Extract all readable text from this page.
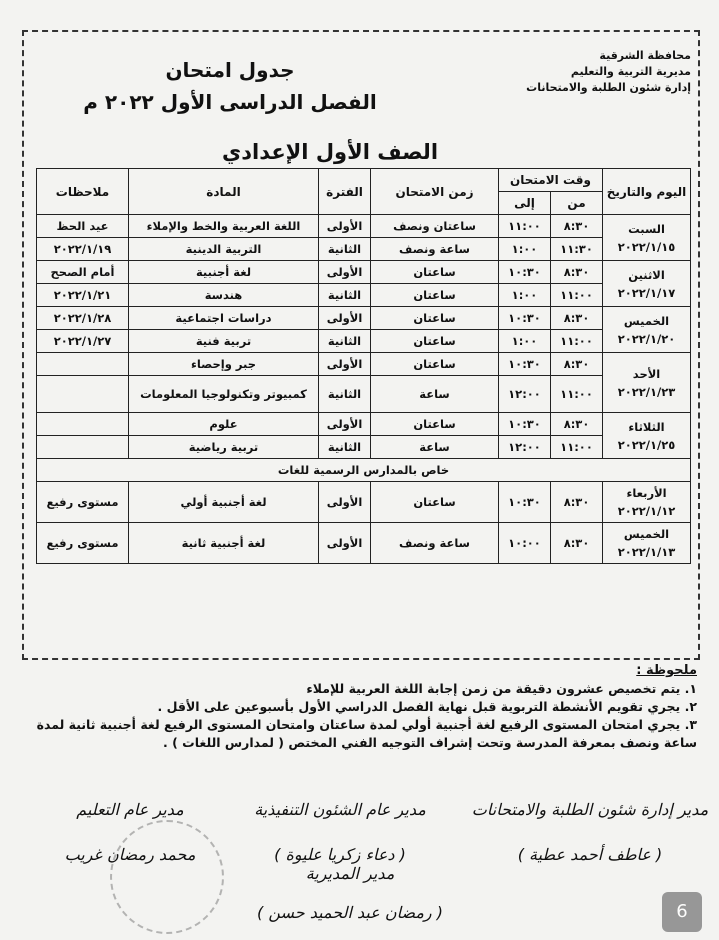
محافظة الشرقية
مديرية التربية والتعليم
إدارة شئون الطلبة والامتحانات
جدول امتحان
الفصل الدراسى الأول ٢٠٢٢ م
الصف الأول الإعدادي
اليوم والتاريخ	وقت الامتحان		زمن الامتحان	الفترة	المادة	ملاحظات
	من	إلى				

السبت
٢٠٢٢/١/١٥	٨:٣٠	١١:٠٠	ساعتان ونصف	الأولى	اللغة العربية والخط والإملاء	عيد الحظ
	١١:٣٠	١:٠٠	ساعة ونصف	الثانية	التربية الدينية	٢٠٢٢/١/١٩

الاثنين
٢٠٢٢/١/١٧	٨:٣٠	١٠:٣٠	ساعتان	الأولى	لغة أجنبية	أمام الصحح
	١١:٠٠	١:٠٠	ساعتان	الثانية	هندسة	٢٠٢٢/١/٢١

الخميس
٢٠٢٢/١/٢٠	٨:٣٠	١٠:٣٠	ساعتان	الأولى	دراسات اجتماعية	٢٠٢٢/١/٢٨
	١١:٠٠	١:٠٠	ساعتان	الثانية	تربية فنية	٢٠٢٢/١/٢٧

الأحد
٢٠٢٢/١/٢٣	٨:٣٠	١٠:٣٠	ساعتان	الأولى	جبر وإحصاء	
	١١:٠٠	١٢:٠٠	ساعة	الثانية	كمبيوتر وتكنولوجيا المعلومات	

الثلاثاء
٢٠٢٢/١/٢٥	٨:٣٠	١٠:٣٠	ساعتان	الأولى	علوم	
	١١:٠٠	١٢:٠٠	ساعة	الثانية	تربية رياضية	
خاص بالمدارس الرسمية للغات						

الأربعاء
٢٠٢٢/١/١٢	٨:٣٠	١٠:٣٠	ساعتان	الأولى	لغة أجنبية أولي	مستوى رفيع

الخميس
٢٠٢٢/١/١٣	٨:٣٠	١٠:٠٠	ساعة ونصف	الأولى	لغة أجنبية ثانية	مستوى رفيع
ملحوظة :
١. يتم تخصيص عشرون دقيقة من زمن إجابة اللغة العربية للإملاء
٢. يجري تقويم الأنشطة التربوية قبل نهاية الفصل الدراسي الأول بأسبوعين على الأقل .
٣. يجري امتحان المستوى الرفيع لغة أجنبية أولي لمدة ساعتان وامتحان المستوى الرفيع لغة أجنبية ثانية لمدة ساعة ونصف بمعرفة المدرسة وتحت إشراف التوجيه الفني المختص ( لمدارس اللغات ) .
مدير إدارة شئون الطلبة والامتحانات
( عاطف أحمد عطية )
مدير عام الشئون التنفيذية
( دعاء زكريا عليوة )
مدير عام التعليم
محمد رمضان غريب
مدير المديرية
( رمضان عبد الحميد حسن )	6
